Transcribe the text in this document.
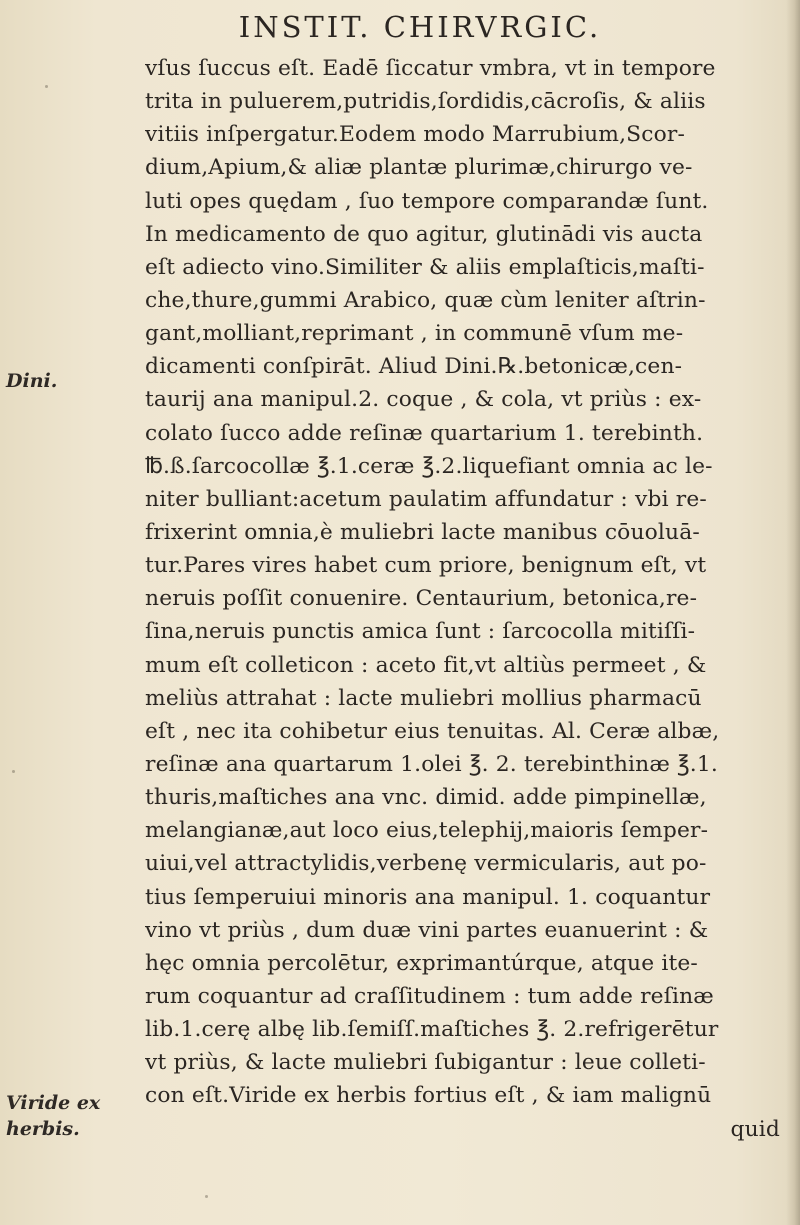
INSTIT. CHIRVRGIC.
Dini.
Viride ex
herbis.
vſus ſuccus eſt. Eadē ſiccatur vmbra, vt in tempore
trita in puluerem,putridis,ſordidis,cācroſis, & aliis
vitiis inſpergatur.Eodem modo Marrubium,Scor-
dium,Apium,& aliæ plantæ plurimæ,chirurgo ve-
luti opes quędam , ſuo tempore comparandæ ſunt.
In medicamento de quo agitur, glutinādi vis aucta
eſt adiecto vino.Similiter & aliis emplaſticis,maſti-
che,thure,gummi Arabico, quæ cùm leniter aſtrin-
gant,molliant,reprimant , in communē vſum me-
dicamenti conſpirāt. Aliud Dini.℞.betonicæ,cen-
taurij ana manipul.2. coque , & cola, vt priùs : ex-
colato ſucco adde reſinæ quartarium 1. terebinth.
℔.ß.ſarcocollæ ℥.1.ceræ ℥.2.liquefiant omnia ac le-
niter bulliant:acetum paulatim affundatur : vbi re-
frixerint omnia,è muliebri lacte manibus cōuoluā-
tur.Pares vires habet cum priore, benignum eſt, vt
neruis poſſit conuenire. Centaurium, betonica,re-
ſina,neruis punctis amica ſunt : ſarcocolla mitiſſi-
mum eſt colleticon : aceto fit,vt altiùs permeet , &
meliùs attrahat : lacte muliebri mollius pharmacū
eſt , nec ita cohibetur eius tenuitas. Al. Ceræ albæ,
reſinæ ana quartarum 1.olei ℥. 2. terebinthinæ ℥.1.
thuris,maſtiches ana vnc. dimid. adde pimpinellæ,
melangianæ,aut loco eius,telephij,maioris ſemper-
uiui,vel attractylidis,verbenę vermicularis, aut po-
tius ſemperuiui minoris ana manipul. 1. coquantur
vino vt priùs , dum duæ vini partes euanuerint : &
hęc omnia percolētur, exprimantúrque, atque ite-
rum coquantur ad craſſitudinem : tum adde reſinæ
lib.1.cerę albę lib.ſemiſſ.maſtiches ℥. 2.refrigerētur
vt priùs, & lacte muliebri ſubigantur : leue colleti-
con eſt.Viride ex herbis fortius eſt , & iam malignū
quid
